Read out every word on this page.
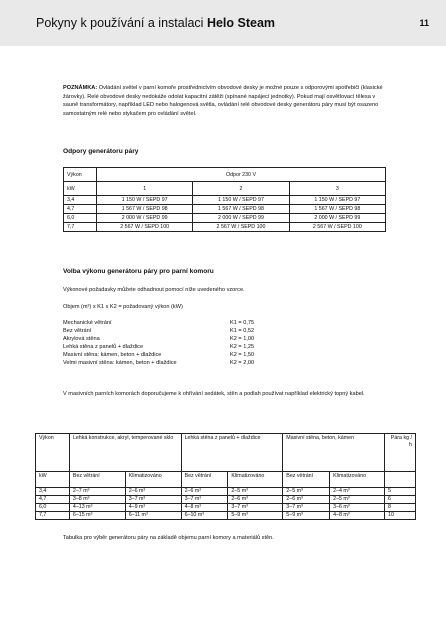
Pokyny k používání a instalaci Helo Steam	11
POZNÁMKA: Ovládání světel v parní komoře prostřednictvím obvodové desky je možné pouze s odporovými spotřebiči (klasické žárovky). Relé obvodové desky nedokáže odolat kapacitní zátěži (spínané napájecí jednotky). Pokud mají osvětlovací tělesa v sauně transformátory, například LED nebo halogenová světla, ovládání relé obvodové desky generátoru páry musí být osazeno samostatným relé nebo stykačem pro ovládání světel.
Odpory generátoru páry
Výkon	Odpor 230 V		
kW	1	2	3
3,4	1 150 W / SEPD 97	1 150 W / SEPD 97	1 150 W / SEPD 97
4,7	1 567 W / SEPD 98	1 567 W / SEPD 98	1 567 W / SEPD 98
6,0	2 000 W / SEPD 99	2 000 W / SEPD 99	2 000 W / SEPD 99
7,7	2 567 W / SEPD 100	2 567 W / SEPD 100	2 567 W / SEPD 100
Volba výkonu generátoru páry pro parní komoru
Výkonové požadavky můžete odhadnout pomocí níže uvedeného vzorce.
Objem (m³) x K1 x K2 = požadovaný výkon (kW)
Mechanické větrání	K1 = 0,75
Bez větrání	K1 = 0,52
Akrylová stěna	K2 = 1,00
Lehká stěna z panelů + dlaždice	K2 = 1,25
Masivní stěna: kámen, beton + dlaždice	K2 = 1,50
Velmi masivní stěna: kámen, beton + dlaždice	K2 = 2,00
V masivních parních komorách doporučujeme k ohřívání sedátek, stěn a podlah používat například elektrický topný kabel.
Výkon	Lehká konstrukce, akryl, temperované sklo		Lehká stěna z panelů + dlaždice		Masivní stěna, beton, kámen		Pára kg / h
kW	Bez větrání	Klimatizováno	Bez větrání	Klimatizováno	Bez větrání	Klimatizováno	
3,4	2–7 m³	2–6 m³	2–6 m³	2–5 m³	2–5 m³	2–4 m³	5
4,7	3–8 m³	3–7 m³	3–7 m³	2–6 m³	2–6 m³	2–5 m³	6
6,0	4–13 m³	4–9 m³	4–8 m³	3–7 m³	3–7 m³	3–6 m³	8
7,7	6–15 m³	6–11 m³	6–10 m³	5–9 m³	5–9 m³	4–8 m³	10
Tabulka pro výběr generátoru páry na základě objemu parní komory a materiálů stěn.
